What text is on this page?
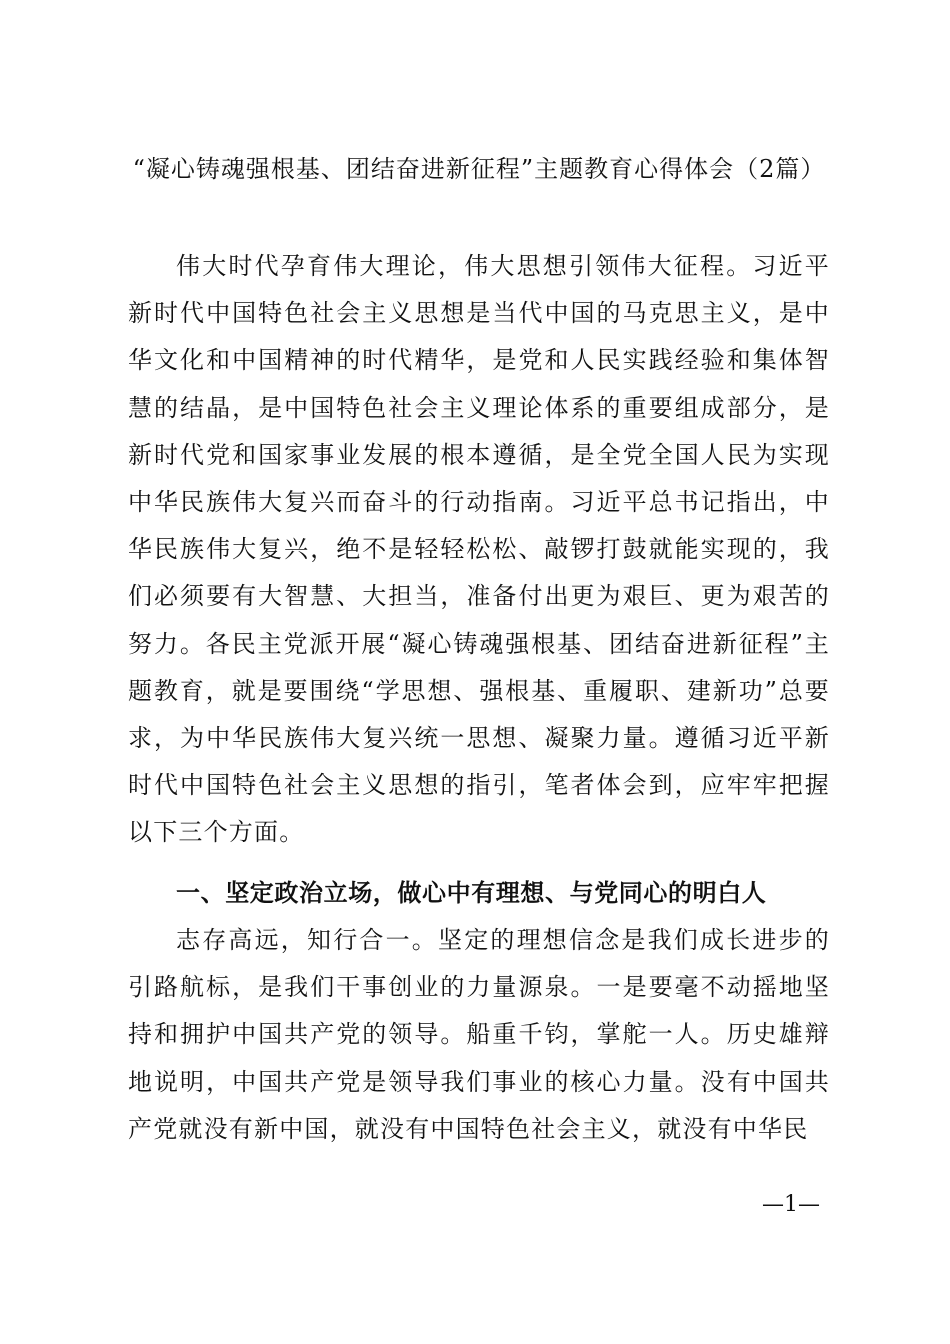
“凝心铸魂强根基、团结奋进新征程”主题教育心得体会（2篇）

伟大时代孕育伟大理论，伟大思想引领伟大征程。习近平新时代中国特色社会主义思想是当代中国的马克思主义，是中华文化和中国精神的时代精华，是党和人民实践经验和集体智慧的结晶，是中国特色社会主义理论体系的重要组成部分，是新时代党和国家事业发展的根本遵循，是全党全国人民为实现中华民族伟大复兴而奋斗的行动指南。习近平总书记指出，中华民族伟大复兴，绝不是轻轻松松、敲锣打鼓就能实现的，我们必须要有大智慧、大担当，准备付出更为艰巨、更为艰苦的努力。各民主党派开展“凝心铸魂强根基、团结奋进新征程”主题教育，就是要围绕“学思想、强根基、重履职、建新功”总要求，为中华民族伟大复兴统一思想、凝聚力量。遵循习近平新时代中国特色社会主义思想的指引，笔者体会到，应牢牢把握以下三个方面。

一、坚定政治立场，做心中有理想、与党同心的明白人

志存高远，知行合一。坚定的理想信念是我们成长进步的引路航标，是我们干事创业的力量源泉。一是要毫不动摇地坚持和拥护中国共产党的领导。船重千钧，掌舵一人。历史雄辩地说明，中国共产党是领导我们事业的核心力量。没有中国共产党就没有新中国，就没有中国特色社会主义，就没有中华民

—1—
